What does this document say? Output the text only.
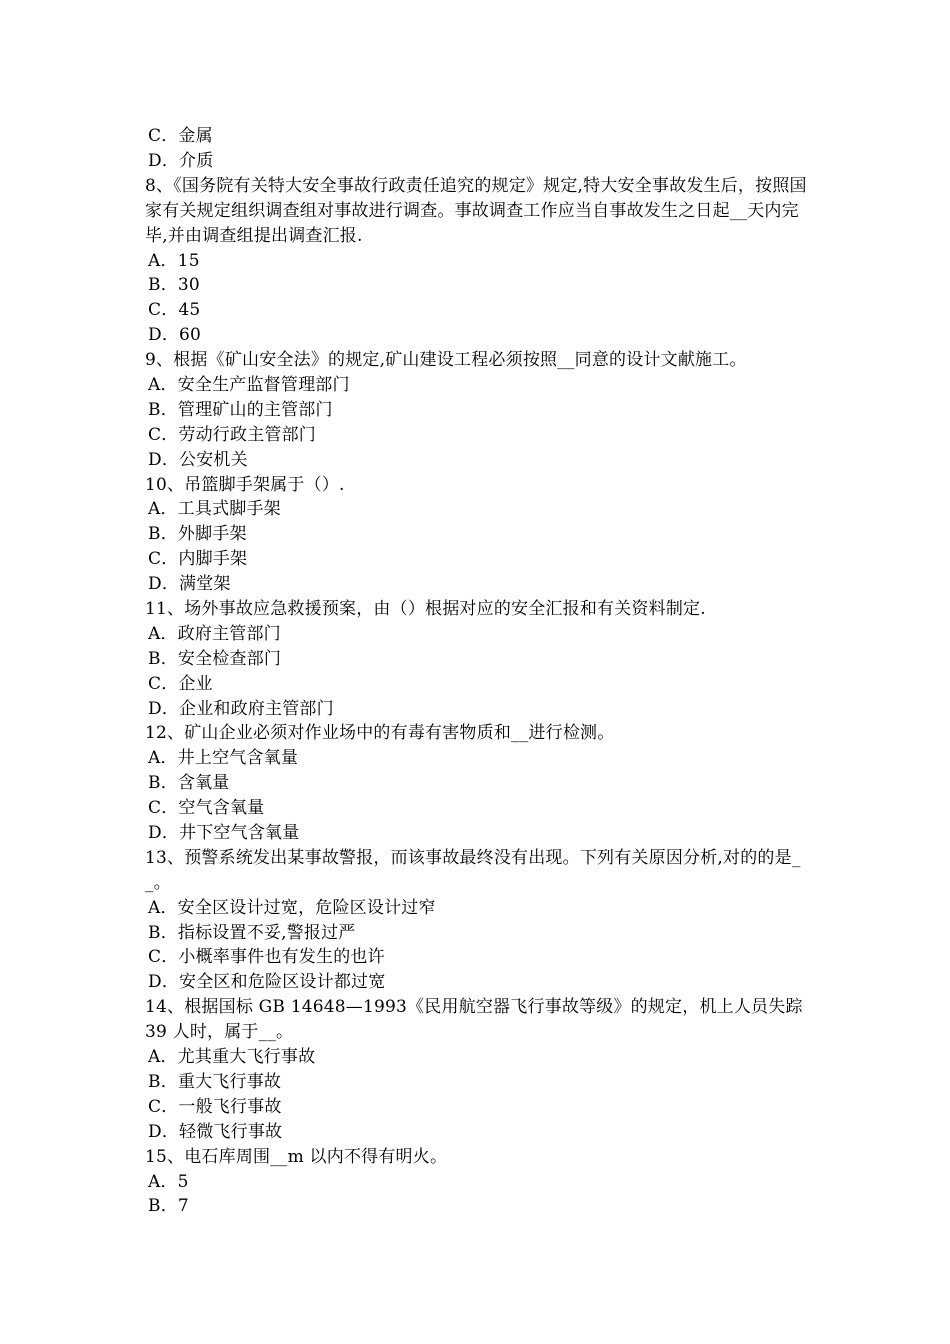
C．金属
D．介质
8、《国务院有关特大安全事故行政责任追究的规定》规定,特大安全事故发生后，按照国家有关规定组织调查组对事故进行调查。事故调查工作应当自事故发生之日起__天内完毕,并由调查组提出调查汇报.
A．15
B．30
C．45
D．60
9、根据《矿山安全法》的规定,矿山建设工程必须按照__同意的设计文献施工。
A．安全生产监督管理部门
B．管理矿山的主管部门
C．劳动行政主管部门
D．公安机关
10、吊篮脚手架属于（）.
A．工具式脚手架
B．外脚手架
C．内脚手架
D．满堂架
11、场外事故应急救援预案，由（）根据对应的安全汇报和有关资料制定.
A．政府主管部门
B．安全检查部门
C．企业
D．企业和政府主管部门
12、矿山企业必须对作业场中的有毒有害物质和__进行检测。
A．井上空气含氧量
B．含氧量
C．空气含氧量
D．井下空气含氧量
13、预警系统发出某事故警报，而该事故最终没有出现。下列有关原因分析,对的的是__。
A．安全区设计过宽，危险区设计过窄
B．指标设置不妥,警报过严
C．小概率事件也有发生的也许
D．安全区和危险区设计都过宽
14、根据国标 GB 14648—1993《民用航空器飞行事故等级》的规定，机上人员失踪 39 人时，属于__。
A．尤其重大飞行事故
B．重大飞行事故
C．一般飞行事故
D．轻微飞行事故
15、电石库周围__m 以内不得有明火。
A．5
B．7
